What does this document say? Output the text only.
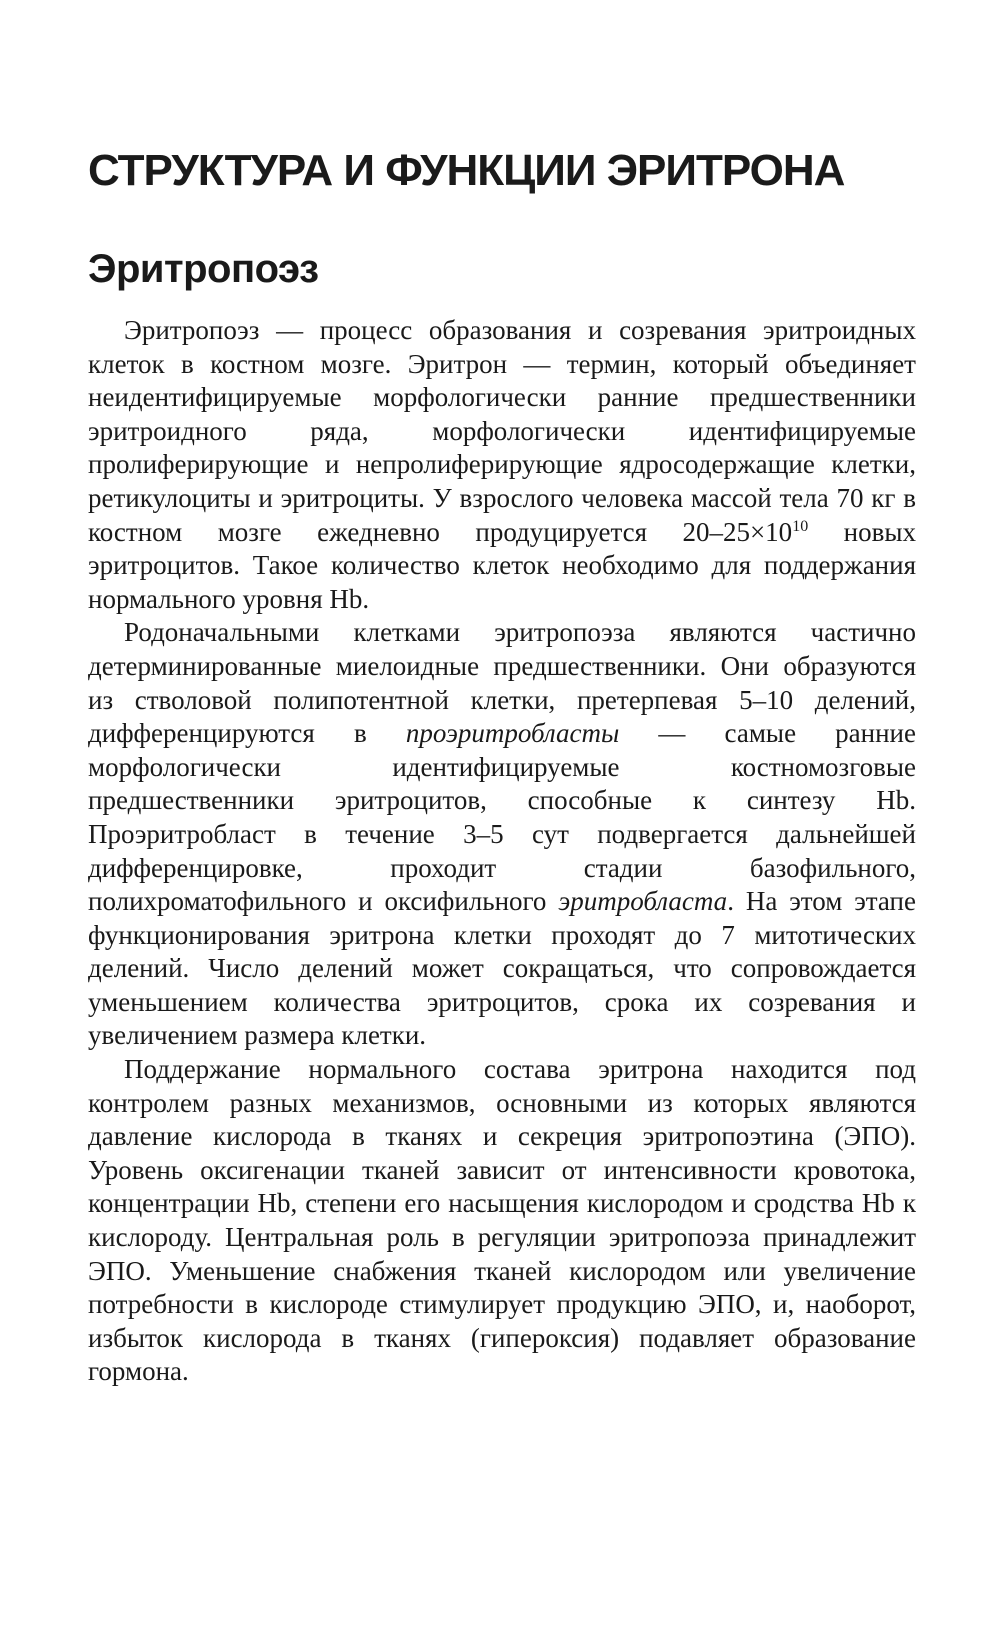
СТРУКТУРА И ФУНКЦИИ ЭРИТРОНА
Эритропоэз

Эритропоэз — процесс образования и созревания эритроидных клеток в костном мозге. Эритрон — термин, который объединяет неидентифицируемые морфологически ранние предшественники эритроидного ряда, морфологически идентифицируемые пролиферирующие и непролиферирующие ядросодержащие клетки, ретикулоциты и эритроциты. У взрослого человека массой тела 70 кг в костном мозге ежедневно продуцируется $20-25\times 10^{10}$ новых эритроцитов. Такое количество клеток необходимо для поддержания нормального уровня Hb.

Родоначальными клетками эритропоэза являются частично детерминированные миелоидные предшественники. Они образуются из стволовой полипотентной клетки, претерпевая 5–10 делений, дифференцируются в проэритробласты — самые ранние морфологически идентифицируемые костномозговые предшественники эритроцитов, способные к синтезу Hb. Проэритробласт в течение 3–5 сут подвергается дальнейшей дифференцировке, проходит стадии базофильного, полихроматофильного и оксифильного эритробласта. На этом этапе функционирования эритрона клетки проходят до 7 митотических делений. Число делений может сокращаться, что сопровождается уменьшением количества эритроцитов, срока их созревания и увеличением размера клетки.

Поддержание нормального состава эритрона находится под контролем разных механизмов, основными из которых являются давление кислорода в тканях и секреция эритропоэтина (ЭПО). Уровень оксигенации тканей зависит от интенсивности кровотока, концентрации Hb, степени его насыщения кислородом и сродства Hb к кислороду. Центральная роль в регуляции эритропоэза принадлежит ЭПО. Уменьшение снабжения тканей кислородом или увеличение потребности в кислороде стимулирует продукцию ЭПО, и, наоборот, избыток кислорода в тканях (гипероксия) подавляет образование гормона.
